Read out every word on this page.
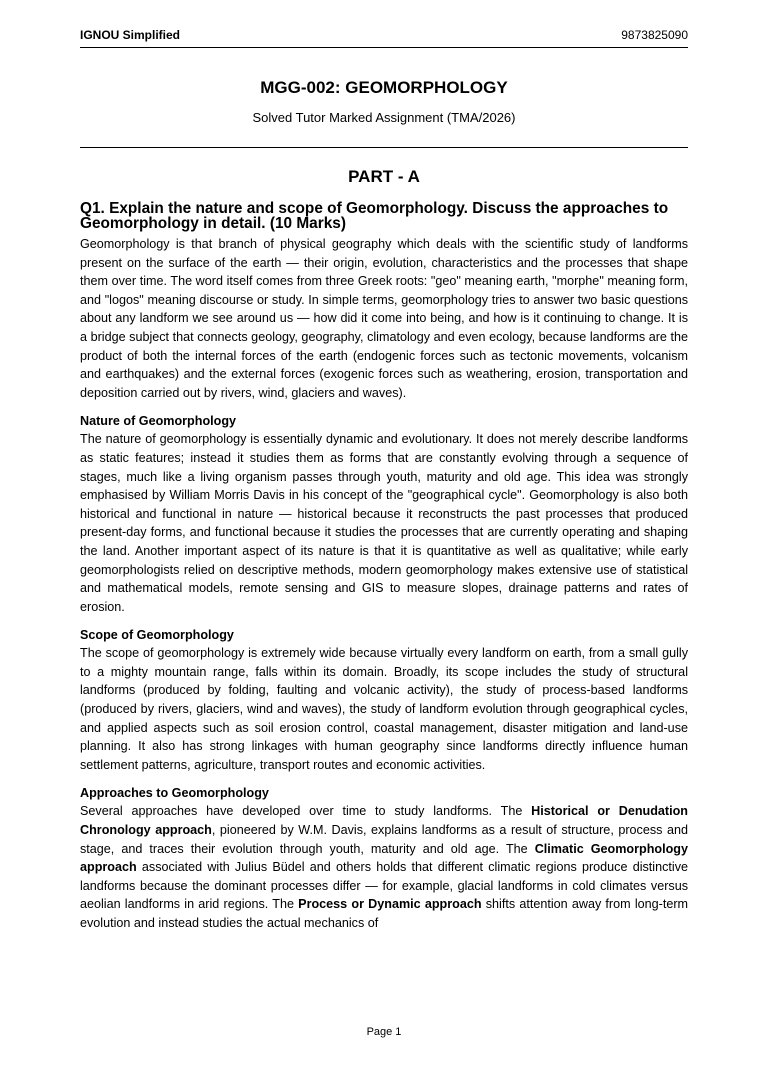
IGNOU Simplified	9873825090
MGG-002: GEOMORPHOLOGY
Solved Tutor Marked Assignment (TMA/2026)
PART - A
Q1. Explain the nature and scope of Geomorphology. Discuss the approaches to Geomorphology in detail. (10 Marks)

Geomorphology is that branch of physical geography which deals with the scientific study of landforms present on the surface of the earth — their origin, evolution, characteristics and the processes that shape them over time. The word itself comes from three Greek roots: "geo" meaning earth, "morphe" meaning form, and "logos" meaning discourse or study. In simple terms, geomorphology tries to answer two basic questions about any landform we see around us — how did it come into being, and how is it continuing to change. It is a bridge subject that connects geology, geography, climatology and even ecology, because landforms are the product of both the internal forces of the earth (endogenic forces such as tectonic movements, volcanism and earthquakes) and the external forces (exogenic forces such as weathering, erosion, transportation and deposition carried out by rivers, wind, glaciers and waves).

Nature of Geomorphology

The nature of geomorphology is essentially dynamic and evolutionary. It does not merely describe landforms as static features; instead it studies them as forms that are constantly evolving through a sequence of stages, much like a living organism passes through youth, maturity and old age. This idea was strongly emphasised by William Morris Davis in his concept of the "geographical cycle". Geomorphology is also both historical and functional in nature — historical because it reconstructs the past processes that produced present-day forms, and functional because it studies the processes that are currently operating and shaping the land. Another important aspect of its nature is that it is quantitative as well as qualitative; while early geomorphologists relied on descriptive methods, modern geomorphology makes extensive use of statistical and mathematical models, remote sensing and GIS to measure slopes, drainage patterns and rates of erosion.

Scope of Geomorphology

The scope of geomorphology is extremely wide because virtually every landform on earth, from a small gully to a mighty mountain range, falls within its domain. Broadly, its scope includes the study of structural landforms (produced by folding, faulting and volcanic activity), the study of process-based landforms (produced by rivers, glaciers, wind and waves), the study of landform evolution through geographical cycles, and applied aspects such as soil erosion control, coastal management, disaster mitigation and land-use planning. It also has strong linkages with human geography since landforms directly influence human settlement patterns, agriculture, transport routes and economic activities.

Approaches to Geomorphology

Several approaches have developed over time to study landforms. The Historical or Denudation Chronology approach, pioneered by W.M. Davis, explains landforms as a result of structure, process and stage, and traces their evolution through youth, maturity and old age. The Climatic Geomorphology approach associated with Julius Büdel and others holds that different climatic regions produce distinctive landforms because the dominant processes differ — for example, glacial landforms in cold climates versus aeolian landforms in arid regions. The Process or Dynamic approach shifts attention away from long-term evolution and instead studies the actual mechanics of

Page 1
